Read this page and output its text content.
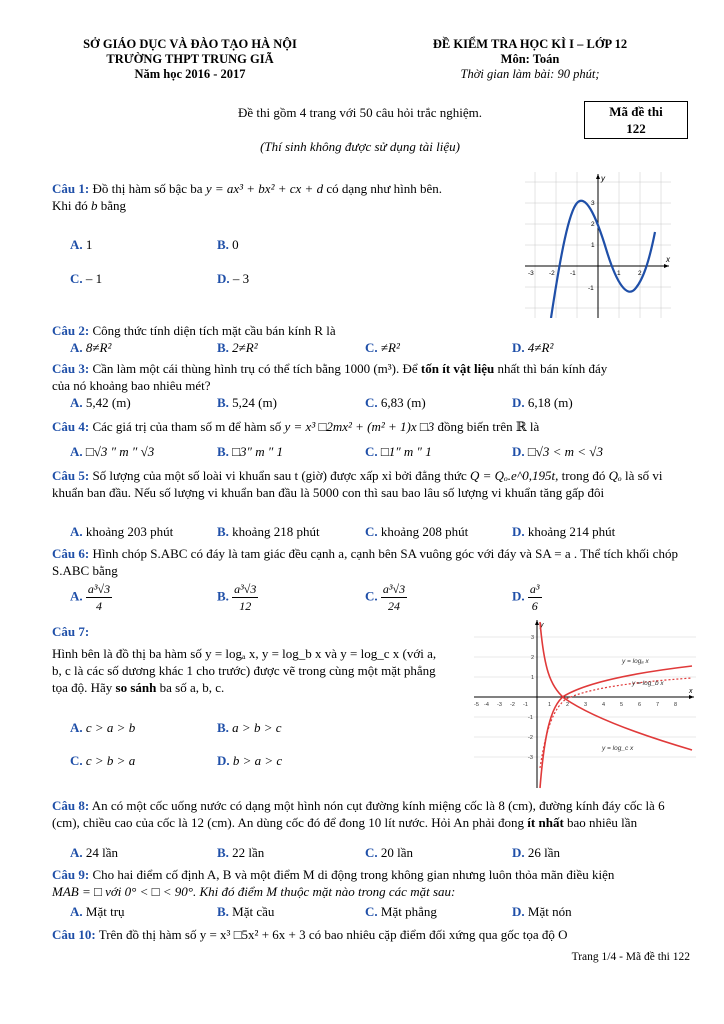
SỞ GIÁO DỤC VÀ ĐÀO TẠO HÀ NỘI
TRƯỜNG THPT TRUNG GIÃ
Năm học 2016 - 2017
ĐỀ KIỂM TRA HỌC KÌ I – LỚP 12
Môn: Toán
Thời gian làm bài: 90 phút;
Đề thi gồm 4 trang với 50 câu hỏi trắc nghiệm.
(Thí sinh không được sử dụng tài liệu)
Mã đề thi
122
Câu 1: Đồ thị hàm số bậc ba y = ax³ + bx² + cx + d có dạng như hình bên.
Khi đó b bằng
A. 1	B. 0
C. – 1	D. – 3
x
y
-3 -2 -1	1	2
3
2
1
-1
Câu 2: Công thức tính diện tích mặt cầu bán kính R là
A. 8≠R²	B. 2≠R²	C. ≠R²	D. 4≠R²
Câu 3: Cần làm một cái thùng hình trụ có thể tích bằng 1000 (m³). Để tốn ít vật liệu nhất thì bán kính đáy
của nó khoảng bao nhiêu mét?
A. 5,42 (m)	B. 5,24 (m)	C. 6,83 (m)	D. 6,18 (m)
Câu 4: Các giá trị của tham số m để hàm số y = x³ □2mx² + (m² + 1)x □3 đồng biến trên ℝ là
A. □√3 ″ m ″ √3	B. □3″ m ″ 1	C. □1″ m ″ 1	D. □√3 < m < √3
Câu 5: Số lượng của một số loài vi khuẩn sau t (giờ) được xấp xỉ bởi đẳng thức Q = Qₒ.e^0,195t, trong đó Qₒ là số vi khuẩn ban đầu. Nếu số lượng vi khuẩn ban đầu là 5000 con thì sau bao lâu số lượng vi khuẩn tăng gấp đôi
A. khoảng 203 phút	B. khoảng 218 phút	C. khoảng 208 phút	D. khoảng 214 phút
Câu 6: Hình chóp S.ABC có đáy là tam giác đều cạnh a, cạnh bên SA vuông góc với đáy và SA = a . Thể tích khối chóp S.ABC bằng
A. $\frac{\text{a³√3}}{4}$	B. $\frac{\text{a³√3}}{12}$	C. $\frac{\text{a³√3}}{24}$	D. $\frac{\text{a³}}{6}$
Câu 7:
Hình bên là đồ thị ba hàm số y = logₐ x, y = log_b x và y = log_c x (với a, b, c là các số dương khác 1 cho trước) được vẽ trong cùng một mặt phẳng tọa độ. Hãy so sánh ba số a, b, c.
A. c > a > b	B. a > b > c
C. c > b > a	D. b > a > c
x
y
-5 -4 -3 -2 -1	1	2	3	4	5	6	7	8
3
2
1
-1
-2
-3
y = logₐ x
y = log_b x
y = log_c x
Câu 8: An có một cốc uống nước có dạng một hình nón cụt đường kính miệng cốc là 8 (cm), đường kính đáy cốc là 6 (cm), chiều cao của cốc là 12 (cm). An dùng cốc đó để đong 10 lít nước. Hỏi An phải đong ít nhất bao nhiêu lần
A. 24 lần	B. 22 lần	C. 20 lần	D. 26 lần
Câu 9: Cho hai điểm cố định A, B và một điểm M di động trong không gian nhưng luôn thỏa mãn điều kiện
MAB = □ với 0° < □ < 90°. Khi đó điểm M thuộc mặt nào trong các mặt sau:
A. Mặt trụ	B. Mặt cầu	C. Mặt phẳng	D. Mặt nón
Câu 10: Trên đồ thị hàm số y = x³ □5x² + 6x + 3 có bao nhiêu cặp điểm đối xứng qua gốc tọa độ O
Trang 1/4 - Mã đề thi 122
